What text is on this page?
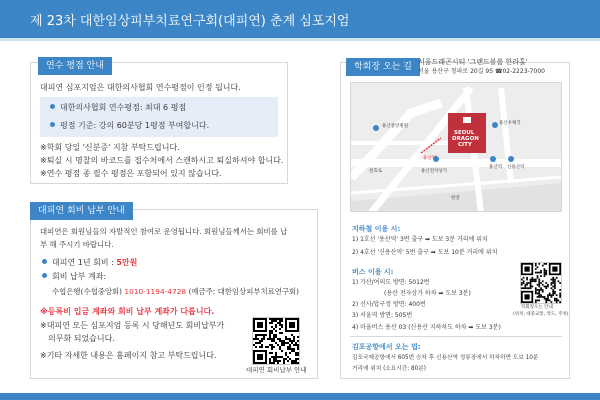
제 23차 대한임상피부치료연구회(대피연) 춘계 심포지엄
연수 평점 안내
대피연 심포지엄은 대한의사협회 연수평점이 인정 됩니다.
대한의사협회 연수평점: 최대 6 평점
평점 기준: 강의 60분당 1평점 부여합니다.
※학회 당일 '신분증' 지참 부탁드립니다.
※퇴실 시 명찰의 바코드를 접수처에서 스캔하시고 퇴실하셔야 합니다.
※연수 평점 종 필수 평점은 포함되어 있지 않습니다.
대피연 회비 납부 안내
대피연은 회원님들의 자발적인 참여로 운영됩니다. 회원님들께서는 회비를 납
부 해 주시기 바랍니다.
대피연 1년 회비 : 5만원
회비 납부 계좌:
수협은행(수협중앙회) 1010-1194-4728 (예금주: 대한임상피부치료연구회)
※등록비 입금 계좌와 회비 납부 계좌가 다릅니다.
※대피연 모든 심포지엄 등록 시 당해년도 회비납부가
의무화 되었습니다.
※기타 자세한 내용은 홈페이지 참고 부탁드립니다.
대피연 회비납부 안내
학회장 오는 길 서울드래곤시티 '그랜드볼룸 한라홀'
서울 용산구 청파로 20길 95 ☎02-2223-7000
SEOUL
DRAGON
CITY
용산중앙병원
용산우체국
용산역 신용산역
용산역
용산전자상가
한강
원효로
지하철 이용 시:
1) 1호선 '용산역' 3번 출구 ➡ 도보 3분 거리에 위치
2) 4호선 '신용산역' 5번 출구 ➡ 도보 10분 거리에 위치
버스 이용 시:
1) 가산/여의도 방면: 5012번
(용산 전자상가 하차 ➡ 도보 3분)
2) 신사/압구정 방면: 400번
3) 서울역 방면: 505번
4) 마을버스 용산 03 (신용산 지하차도 하차 ➡ 도보 3분)
학회장오는 안내
(위치, 대중교통, 약도, 주차)
김포공항에서 오는 법:
김포국제공항에서 605번 승차 후 신용산역 정류장에서 하차하면 도보 10분
거리에 위치 (소요시간: 80분)
